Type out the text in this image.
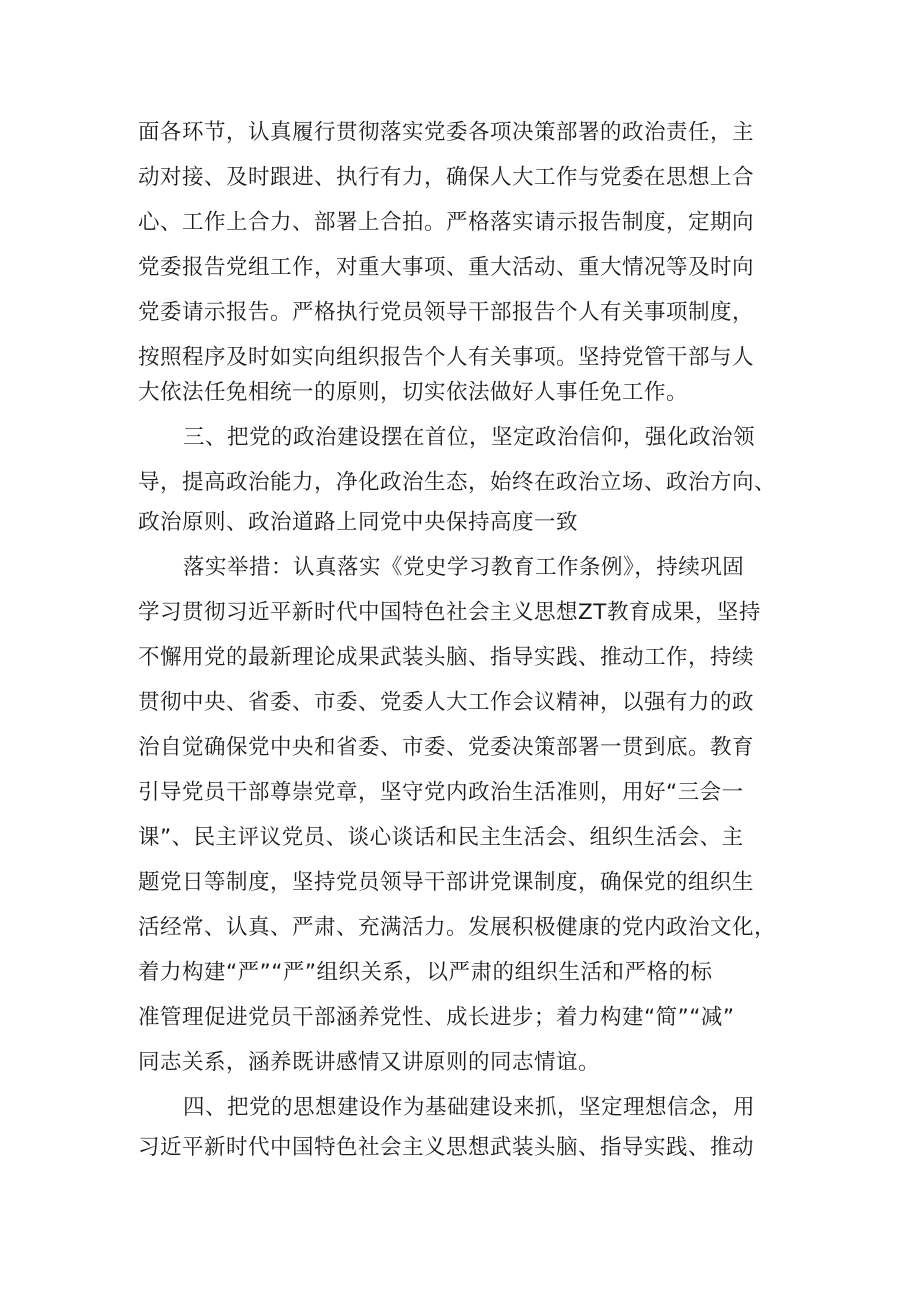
面各环节，认真履行贯彻落实党委各项决策部署的政治责任，主
动对接、及时跟进、执行有力，确保人大工作与党委在思想上合
心、工作上合力、部署上合拍。严格落实请示报告制度，定期向
党委报告党组工作，对重大事项、重大活动、重大情况等及时向
党委请示报告。严格执行党员领导干部报告个人有关事项制度，
按照程序及时如实向组织报告个人有关事项。坚持党管干部与人
大依法任免相统一的原则，切实依法做好人事任免工作。
三、把党的政治建设摆在首位，坚定政治信仰，强化政治领
导，提高政治能力，净化政治生态，始终在政治立场、政治方向、
政治原则、政治道路上同党中央保持高度一致
落实举措：认真落实《党史学习教育工作条例》，持续巩固
学习贯彻习近平新时代中国特色社会主义思想ZT教育成果，坚持
不懈用党的最新理论成果武装头脑、指导实践、推动工作，持续
贯彻中央、省委、市委、党委人大工作会议精神，以强有力的政
治自觉确保党中央和省委、市委、党委决策部署一贯到底。教育
引导党员干部尊崇党章，坚守党内政治生活准则，用好“三会一
课”、民主评议党员、谈心谈话和民主生活会、组织生活会、主
题党日等制度，坚持党员领导干部讲党课制度，确保党的组织生
活经常、认真、严肃、充满活力。发展积极健康的党内政治文化，
着力构建“严”“严”组织关系，以严肃的组织生活和严格的标
准管理促进党员干部涵养党性、成长进步；着力构建“简”“减”
同志关系，涵养既讲感情又讲原则的同志情谊。
四、把党的思想建设作为基础建设来抓，坚定理想信念，用
习近平新时代中国特色社会主义思想武装头脑、指导实践、推动
